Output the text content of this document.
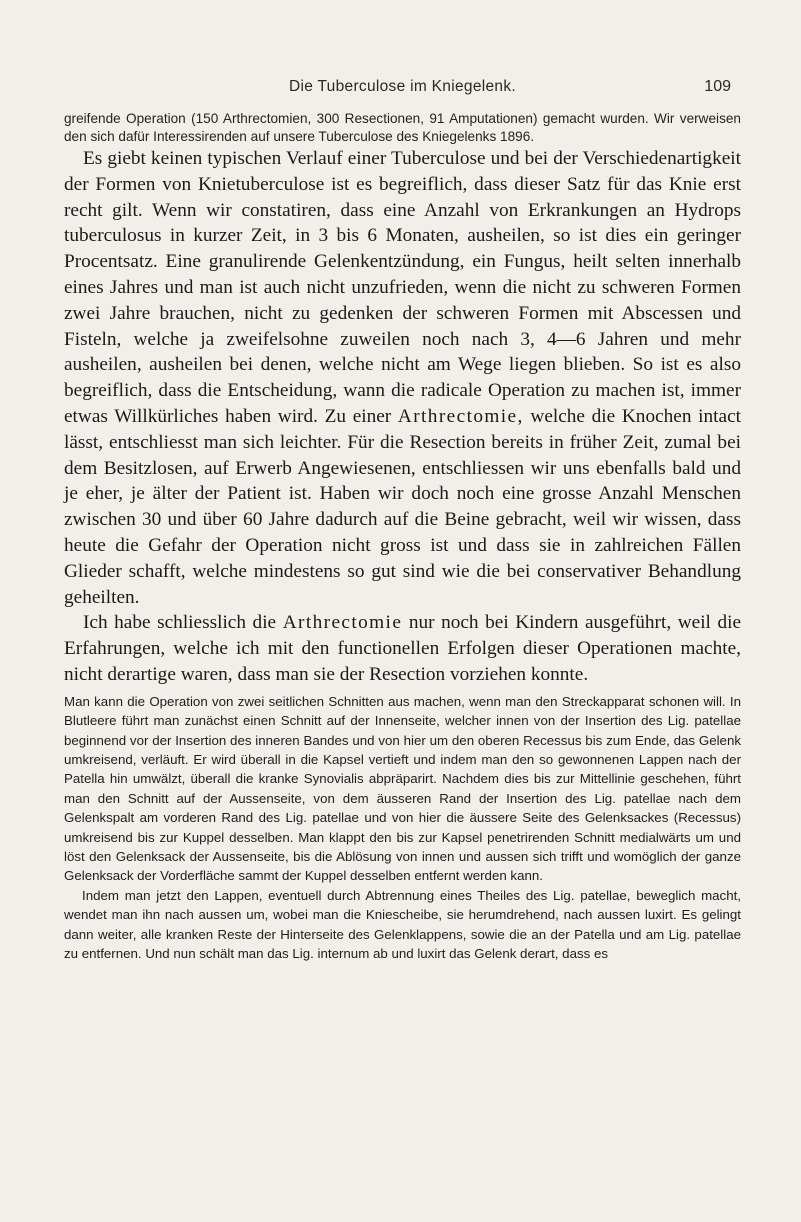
Die Tuberculose im Kniegelenk.	109

greifende Operation (150 Arthrectomien, 300 Resectionen, 91 Amputationen) gemacht wurden. Wir verweisen den sich dafür Interessirenden auf unsere Tuberculose des Kniegelenks 1896.

Es giebt keinen typischen Verlauf einer Tuberculose und bei der Verschiedenartigkeit der Formen von Knietuberculose ist es begreiflich, dass dieser Satz für das Knie erst recht gilt. Wenn wir constatiren, dass eine Anzahl von Erkrankungen an Hydrops tuberculosus in kurzer Zeit, in 3 bis 6 Monaten, ausheilen, so ist dies ein geringer Procentsatz. Eine granulirende Gelenkentzündung, ein Fungus, heilt selten innerhalb eines Jahres und man ist auch nicht unzufrieden, wenn die nicht zu schweren Formen zwei Jahre brauchen, nicht zu gedenken der schweren Formen mit Abscessen und Fisteln, welche ja zweifelsohne zuweilen noch nach 3, 4—6 Jahren und mehr ausheilen, ausheilen bei denen, welche nicht am Wege liegen blieben. So ist es also begreiflich, dass die Entscheidung, wann die radicale Operation zu machen ist, immer etwas Willkürliches haben wird. Zu einer Arthrectomie, welche die Knochen intact lässt, entschliesst man sich leichter. Für die Resection bereits in früher Zeit, zumal bei dem Besitzlosen, auf Erwerb Angewiesenen, entschliessen wir uns ebenfalls bald und je eher, je älter der Patient ist. Haben wir doch noch eine grosse Anzahl Menschen zwischen 30 und über 60 Jahre dadurch auf die Beine gebracht, weil wir wissen, dass heute die Gefahr der Operation nicht gross ist und dass sie in zahlreichen Fällen Glieder schafft, welche mindestens so gut sind wie die bei conservativer Behandlung geheilten.

Ich habe schliesslich die Arthrectomie nur noch bei Kindern ausgeführt, weil die Erfahrungen, welche ich mit den functionellen Erfolgen dieser Operationen machte, nicht derartige waren, dass man sie der Resection vorziehen konnte.

Man kann die Operation von zwei seitlichen Schnitten aus machen, wenn man den Streckapparat schonen will. In Blutleere führt man zunächst einen Schnitt auf der Innenseite, welcher innen von der Insertion des Lig. patellae beginnend vor der Insertion des inneren Bandes und von hier um den oberen Recessus bis zum Ende, das Gelenk umkreisend, verläuft. Er wird überall in die Kapsel vertieft und indem man den so gewonnenen Lappen nach der Patella hin umwälzt, überall die kranke Synovialis abpräparirt. Nachdem dies bis zur Mittellinie geschehen, führt man den Schnitt auf der Aussenseite, von dem äusseren Rand der Insertion des Lig. patellae nach dem Gelenkspalt am vorderen Rand des Lig. patellae und von hier die äussere Seite des Gelenksackes (Recessus) umkreisend bis zur Kuppel desselben. Man klappt den bis zur Kapsel penetrirenden Schnitt medialwärts um und löst den Gelenksack der Aussenseite, bis die Ablösung von innen und aussen sich trifft und womöglich der ganze Gelenksack der Vorderfläche sammt der Kuppel desselben entfernt werden kann.

Indem man jetzt den Lappen, eventuell durch Abtrennung eines Theiles des Lig. patellae, beweglich macht, wendet man ihn nach aussen um, wobei man die Kniescheibe, sie herumdrehend, nach aussen luxirt. Es gelingt dann weiter, alle kranken Reste der Hinterseite des Gelenklappens, sowie die an der Patella und am Lig. patellae zu entfernen. Und nun schält man das Lig. internum ab und luxirt das Gelenk derart, dass es
